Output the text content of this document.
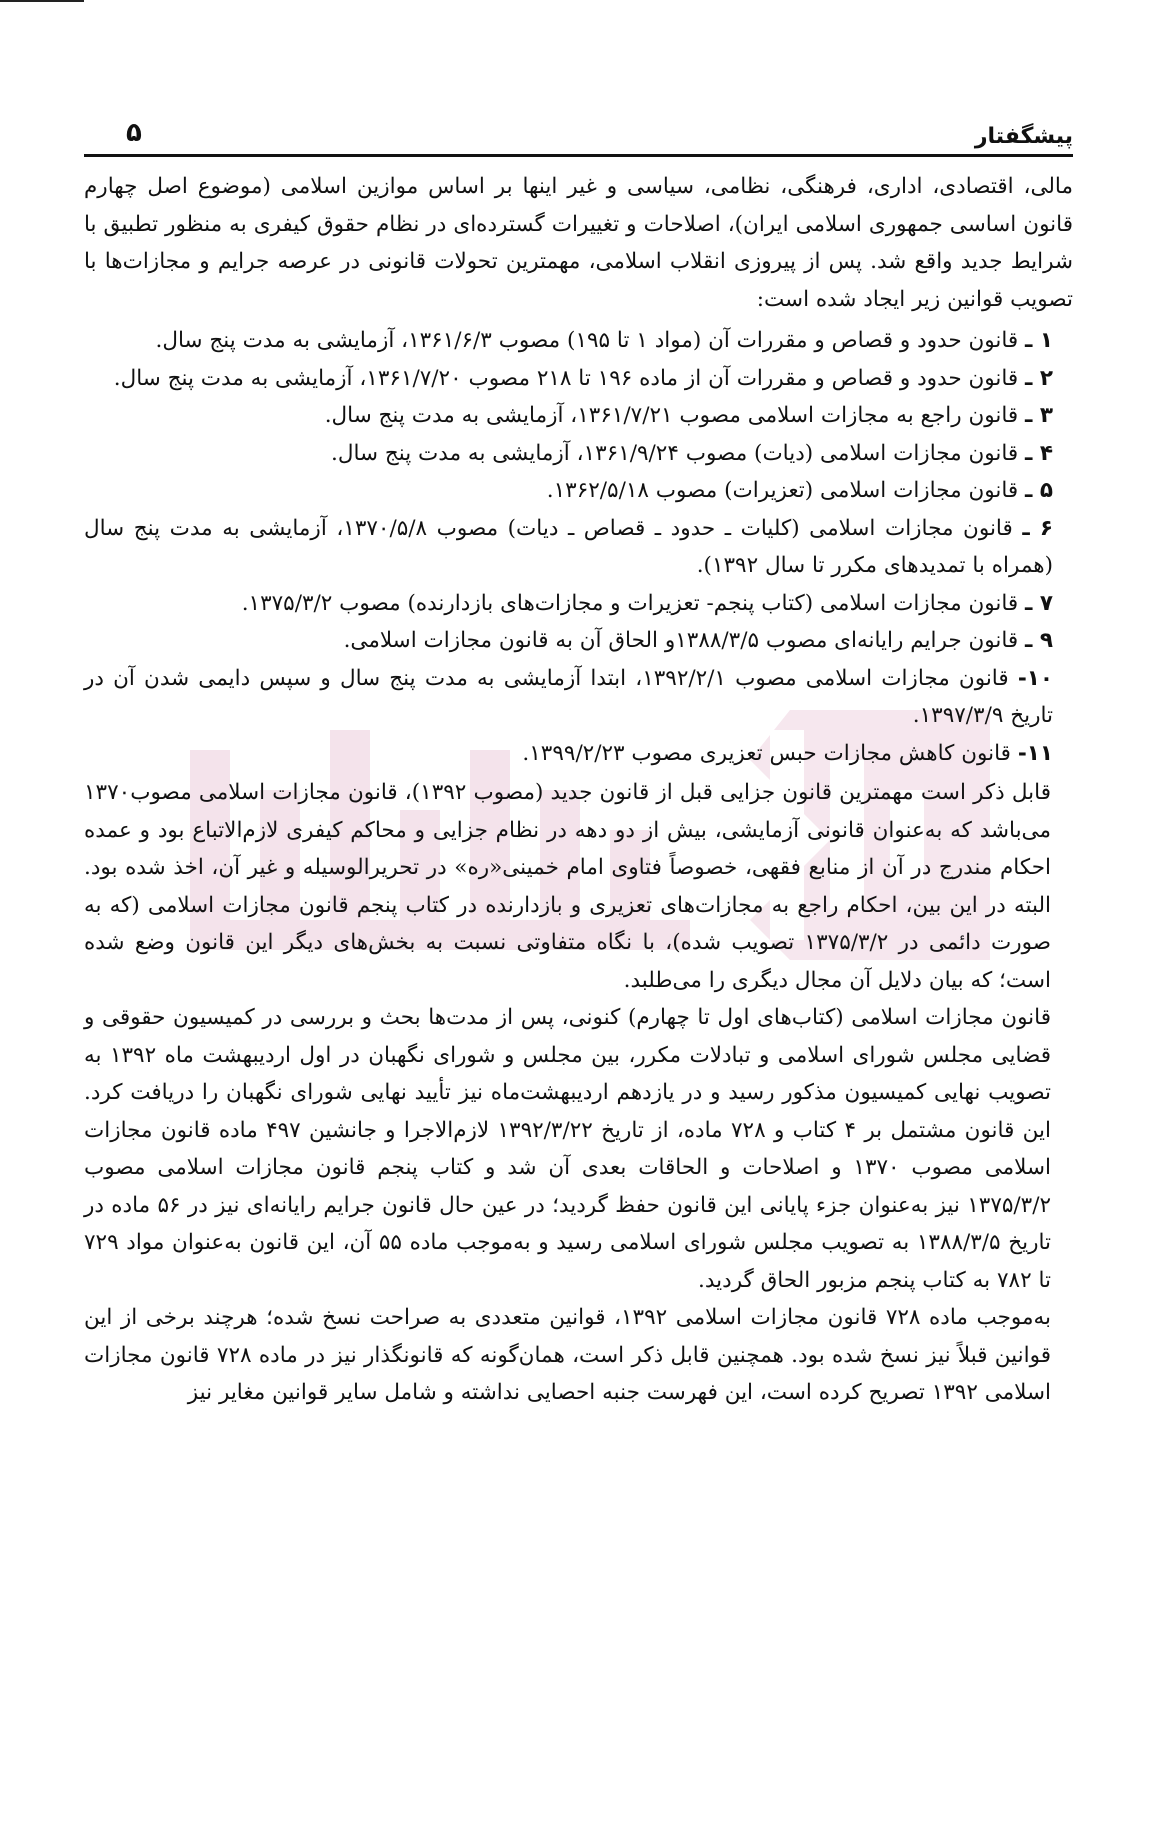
پیشگفتار
۵

مالی، اقتصادی، اداری، فرهنگی، نظامی، سیاسی و غیر اینها بر اساس موازین اسلامی (موضوع اصل چهارم قانون اساسی جمهوری اسلامی ایران)، اصلاحات و تغییرات گسترده‌ای در نظام حقوق کیفری به منظور تطبیق با شرایط جدید واقع شد. پس از پیروزی انقلاب اسلامی، مهمترین تحولات قانونی در عرصه جرایم و مجازات‌ها با تصویب قوانین زیر ایجاد شده است:

۱ ـ قانون حدود و قصاص و مقررات آن (مواد ۱ تا ۱۹۵) مصوب ۱۳۶۱/۶/۳، آزمایشی به مدت پنج سال.

۲ ـ قانون حدود و قصاص و مقررات آن از ماده ۱۹۶ تا ۲۱۸ مصوب ۱۳۶۱/۷/۲۰، آزمایشی به مدت پنج سال.

۳ ـ قانون راجع به مجازات اسلامی مصوب ۱۳۶۱/۷/۲۱، آزمایشی به مدت پنج سال.

۴ ـ قانون مجازات اسلامی (دیات) مصوب ۱۳۶۱/۹/۲۴، آزمایشی به مدت پنج سال.

۵ ـ قانون مجازات اسلامی (تعزیرات) مصوب ۱۳۶۲/۵/۱۸.

۶ ـ قانون مجازات اسلامی (کلیات ـ حدود ـ قصاص ـ دیات) مصوب ۱۳۷۰/۵/۸، آزمایشی به مدت پنج سال (همراه با تمدیدهای مکرر تا سال ۱۳۹۲).

۷ ـ قانون مجازات اسلامی (کتاب پنجم- تعزیرات و مجازات‌های بازدارنده) مصوب ۱۳۷۵/۳/۲.

۹ ـ قانون جرایم رایانه‌ای مصوب ۱۳۸۸/۳/۵و الحاق آن به قانون مجازات اسلامی.

۱۰- قانون مجازات اسلامی مصوب ۱۳۹۲/۲/۱، ابتدا آزمایشی به مدت پنج سال و سپس دایمی شدن آن در تاریخ ۱۳۹۷/۳/۹.

۱۱- قانون کاهش مجازات حبس تعزیری مصوب ۱۳۹۹/۲/۲۳.

قابل ذکر است مهمترین قانون جزایی قبل از قانون جدید (مصوب ۱۳۹۲)، قانون مجازات اسلامی مصوب۱۳۷۰ می‌باشد که به‌عنوان قانونی آزمایشی، بیش از دو دهه در نظام جزایی و محاکم کیفری لازم‌الاتباع بود و عمده احکام مندرج در آن از منابع فقهی، خصوصاً فتاوی امام خمینی«ره» در تحریرالوسیله و غیر آن، اخذ شده بود. البته در این بین، احکام راجع به مجازات‌های تعزیری و بازدارنده در کتاب پنجم قانون مجازات اسلامی (که به صورت دائمی در ۱۳۷۵/۳/۲ تصویب شده)، با نگاه متفاوتی نسبت به بخش‌های دیگر این قانون وضع شده است؛ که بیان دلایل آن مجال دیگری را می‌طلبد.

قانون مجازات اسلامی (کتاب‌های اول تا چهارم) کنونی، پس از مدت‌ها بحث و بررسی در کمیسیون حقوقی و قضایی مجلس شورای اسلامی و تبادلات مکرر، بین مجلس و شورای نگهبان در اول اردیبهشت ماه ۱۳۹۲ به تصویب نهایی کمیسیون مذکور رسید و در یازدهم اردیبهشت‌ماه نیز تأیید نهایی شورای نگهبان را دریافت کرد. این قانون مشتمل بر ۴ کتاب و ۷۲۸ ماده، از تاریخ ۱۳۹۲/۳/۲۲ لازم‌الاجرا و جانشین ۴۹۷ ماده قانون مجازات اسلامی مصوب ۱۳۷۰ و اصلاحات و الحاقات بعدی آن شد و کتاب پنجم قانون مجازات اسلامی مصوب ۱۳۷۵/۳/۲ نیز به‌عنوان جزء پایانی این قانون حفظ گردید؛ در عین حال قانون جرایم رایانه‌ای نیز در ۵۶ ماده در تاریخ ۱۳۸۸/۳/۵ به تصویب مجلس شورای اسلامی رسید و به‌موجب ماده ۵۵ آن، این قانون به‌عنوان مواد ۷۲۹ تا ۷۸۲ به کتاب پنجم مزبور الحاق گردید.

به‌موجب ماده ۷۲۸ قانون مجازات اسلامی ۱۳۹۲، قوانین متعددی به صراحت نسخ شده؛ هرچند برخی از این قوانین قبلاً نیز نسخ شده بود. همچنین قابل ذکر است، همان‌گونه که قانونگذار نیز در ماده ۷۲۸ قانون مجازات اسلامی ۱۳۹۲ تصریح کرده است، این فهرست جنبه احصایی نداشته و شامل سایر قوانین مغایر نیز
